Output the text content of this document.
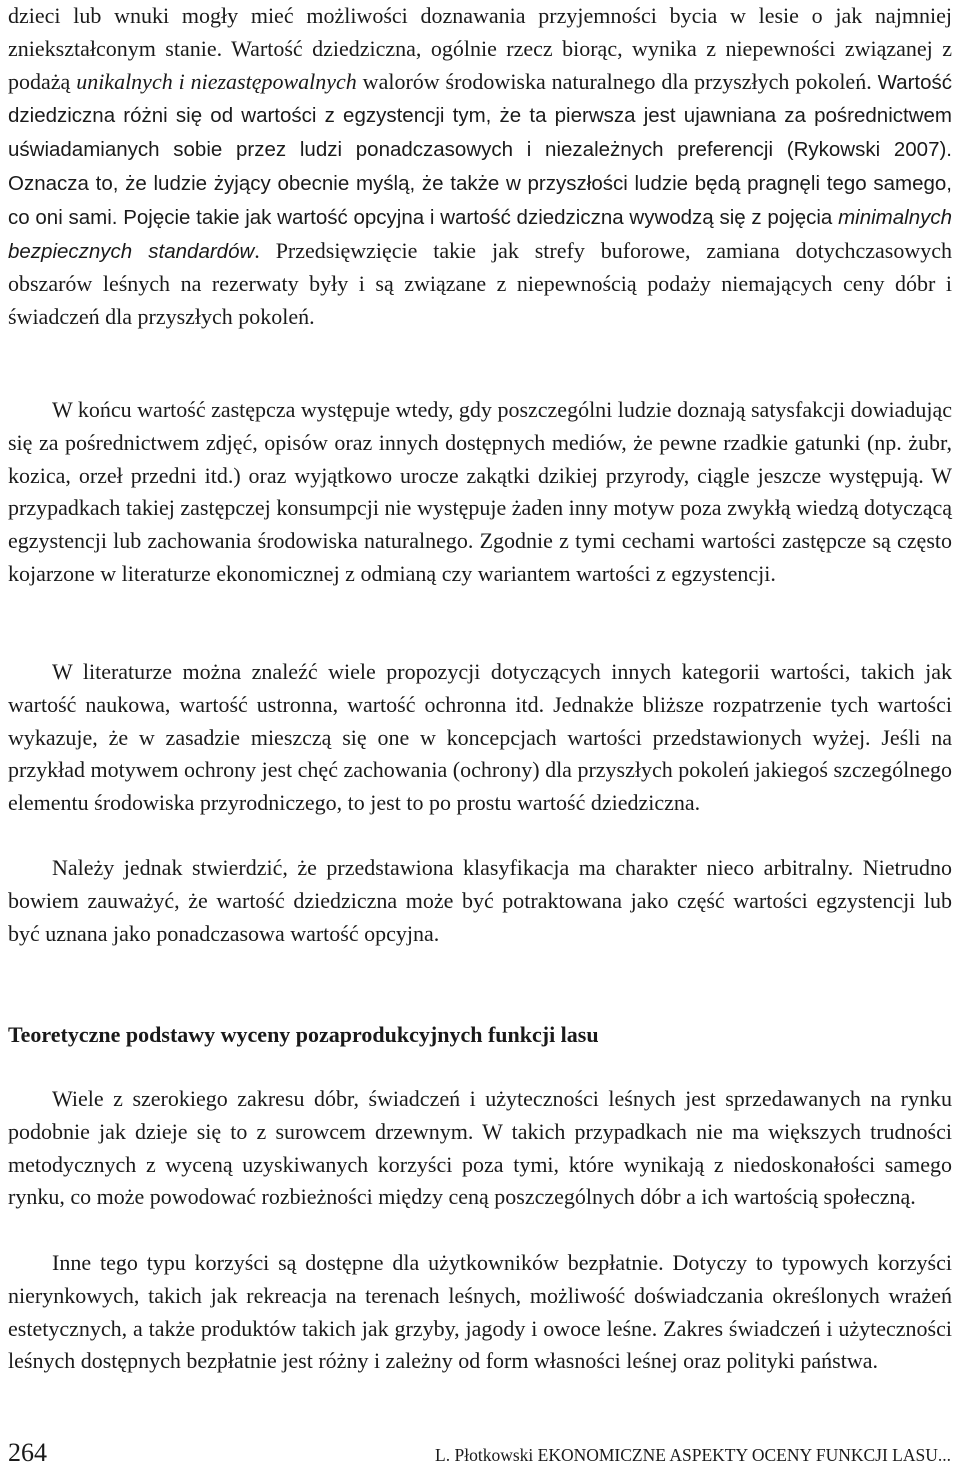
dzieci lub wnuki mogły mieć możliwości doznawania przyjemności bycia w lesie o jak najmniej zniekształconym stanie. Wartość dziedziczna, ogólnie rzecz biorąc, wynika z niepewności związanej z podażą unikalnych i niezastępowalnych walorów środowiska naturalnego dla przyszłych pokoleń. Wartość dziedziczna różni się od wartości z egzystencji tym, że ta pierwsza jest ujawniana za pośrednictwem uświadamianych sobie przez ludzi ponadczasowych i niezależnych preferencji (Rykowski 2007). Oznacza to, że ludzie żyjący obecnie myślą, że także w przyszłości ludzie będą pragnęli tego samego, co oni sami. Pojęcie takie jak wartość opcyjna i wartość dziedziczna wywodzą się z pojęcia minimalnych bezpiecznych standardów. Przedsięwzięcie takie jak strefy buforowe, zamiana dotychczasowych obszarów leśnych na rezerwaty były i są związane z niepewnością podaży niemających ceny dóbr i świadczeń dla przyszłych pokoleń.

W końcu wartość zastępcza występuje wtedy, gdy poszczególni ludzie doznają satysfakcji dowiadując się za pośrednictwem zdjęć, opisów oraz innych dostępnych mediów, że pewne rzadkie gatunki (np. żubr, kozica, orzeł przedni itd.) oraz wyjątkowo urocze zakątki dzikiej przyrody, ciągle jeszcze występują. W przypadkach takiej zastępczej konsumpcji nie występuje żaden inny motyw poza zwykłą wiedzą dotyczącą egzystencji lub zachowania środowiska naturalnego. Zgodnie z tymi cechami wartości zastępcze są często kojarzone w literaturze ekonomicznej z odmianą czy wariantem wartości z egzystencji.

W literaturze można znaleźć wiele propozycji dotyczących innych kategorii wartości, takich jak wartość naukowa, wartość ustronna, wartość ochronna itd. Jednakże bliższe rozpatrzenie tych wartości wykazuje, że w zasadzie mieszczą się one w koncepcjach wartości przedstawionych wyżej. Jeśli na przykład motywem ochrony jest chęć zachowania (ochrony) dla przyszłych pokoleń jakiegoś szczególnego elementu środowiska przyrodniczego, to jest to po prostu wartość dziedziczna.

Należy jednak stwierdzić, że przedstawiona klasyfikacja ma charakter nieco arbitralny. Nietrudno bowiem zauważyć, że wartość dziedziczna może być potraktowana jako część wartości egzystencji lub być uznana jako ponadczasowa wartość opcyjna.

Teoretyczne podstawy wyceny pozaprodukcyjnych funkcji lasu

Wiele z szerokiego zakresu dóbr, świadczeń i użyteczności leśnych jest sprzedawanych na rynku podobnie jak dzieje się to z surowcem drzewnym. W takich przypadkach nie ma większych trudności metodycznych z wyceną uzyskiwanych korzyści poza tymi, które wynikają z niedoskonałości samego rynku, co może powodować rozbieżności między ceną poszczególnych dóbr a ich wartością społeczną.

Inne tego typu korzyści są dostępne dla użytkowników bezpłatnie. Dotyczy to typowych korzyści nierynkowych, takich jak rekreacja na terenach leśnych, możliwość doświadczania określonych wrażeń estetycznych, a także produktów takich jak grzyby, jagody i owoce leśne. Zakres świadczeń i użyteczności leśnych dostępnych bezpłatnie jest różny i zależny od form własności leśnej oraz polityki państwa.

264	L. Płotkowski EKONOMICZNE ASPEKTY OCENY FUNKCJI LASU...
